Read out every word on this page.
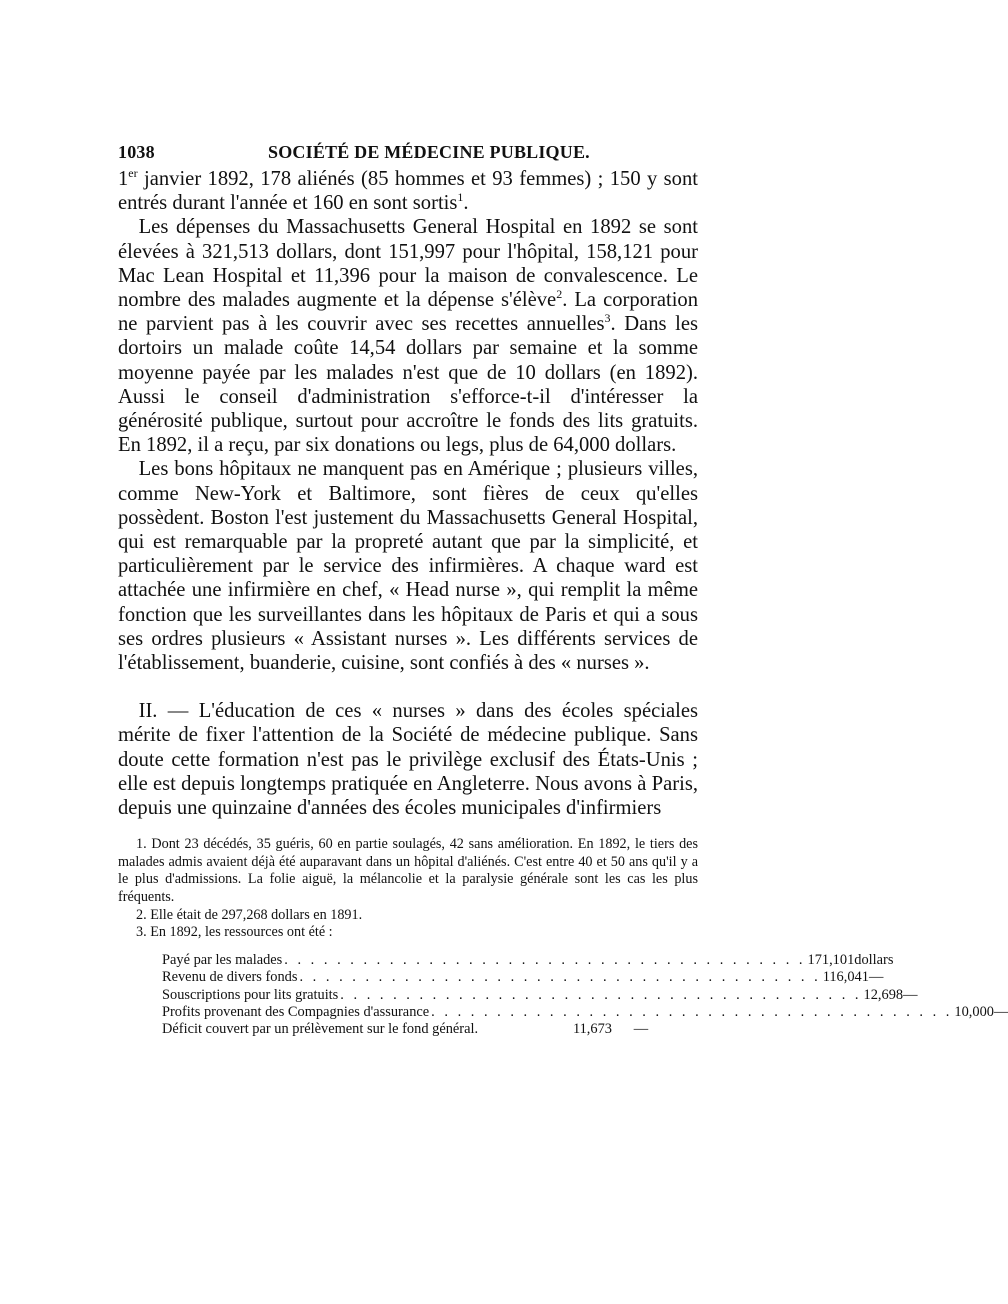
1038	SOCIÉTÉ DE MÉDECINE PUBLIQUE.

1er janvier 1892, 178 aliénés (85 hommes et 93 femmes) ; 150 y sont entrés durant l'année et 160 en sont sortis$^1$.

 Les dépenses du Massachusetts General Hospital en 1892 se sont élevées à 321,513 dollars, dont 151,997 pour l'hôpital, 158,121 pour Mac Lean Hospital et 11,396 pour la maison de convalescence. Le nombre des malades augmente et la dépense s'élève$^2$. La corporation ne parvient pas à les couvrir avec ses recettes annuelles$^3$. Dans les dortoirs un malade coûte 14,54 dollars par semaine et la somme moyenne payée par les malades n'est que de 10 dollars (en 1892). Aussi le conseil d'administration s'efforce-t-il d'intéresser la générosité publique, surtout pour accroître le fonds des lits gratuits. En 1892, il a reçu, par six donations ou legs, plus de 64,000 dollars.

 Les bons hôpitaux ne manquent pas en Amérique ; plusieurs villes, comme New-York et Baltimore, sont fières de ceux qu'elles possèdent. Boston l'est justement du Massachusetts General Hospital, qui est remarquable par la propreté autant que par la simplicité, et particulièrement par le service des infirmières. A chaque ward est attachée une infirmière en chef, « Head nurse », qui remplit la même fonction que les surveillantes dans les hôpitaux de Paris et qui a sous ses ordres plusieurs « Assistant nurses ». Les différents services de l'établissement, buanderie, cuisine, sont confiés à des « nurses ».

 II. — L'éducation de ces « nurses » dans des écoles spéciales mérite de fixer l'attention de la Société de médecine publique. Sans doute cette formation n'est pas le privilège exclusif des États-Unis ; elle est depuis longtemps pratiquée en Angleterre. Nous avons à Paris, depuis une quinzaine d'années des écoles municipales d'infirmiers

1. Dont 23 décédés, 35 guéris, 60 en partie soulagés, 42 sans amélioration. En 1892, le tiers des malades admis avaient déjà été auparavant dans un hôpital d'aliénés. C'est entre 40 et 50 ans qu'il y a le plus d'admissions. La folie aiguë, la mélancolie et la paralysie générale sont les cas les plus fréquents.

2. Elle était de 297,268 dollars en 1891.

3. En 1892, les ressources ont été :

Payé par les malades . . . . . . . . . . . . . . . . . . . . . . . . . . . . . . . . . . . . . . . . 171,101 dollars
Revenu de divers fonds . . . . . . . . . . . . . . . . . . . . . . . . . . . . . . . . . . . . . . . . 116,041 —
Souscriptions pour lits gratuits . . . . . . . . . . . . . . . . . . . . . . . . . . . . . . . . . . . . . . . . 12,698 —
Profits provenant des Compagnies d'assurance . . . . . . . . . . . . . . . . . . . . . . . . . . . . . . . . . . . . . . . . 10,000 —
Déficit couvert par un prélèvement sur le fond général.	11,673	—
